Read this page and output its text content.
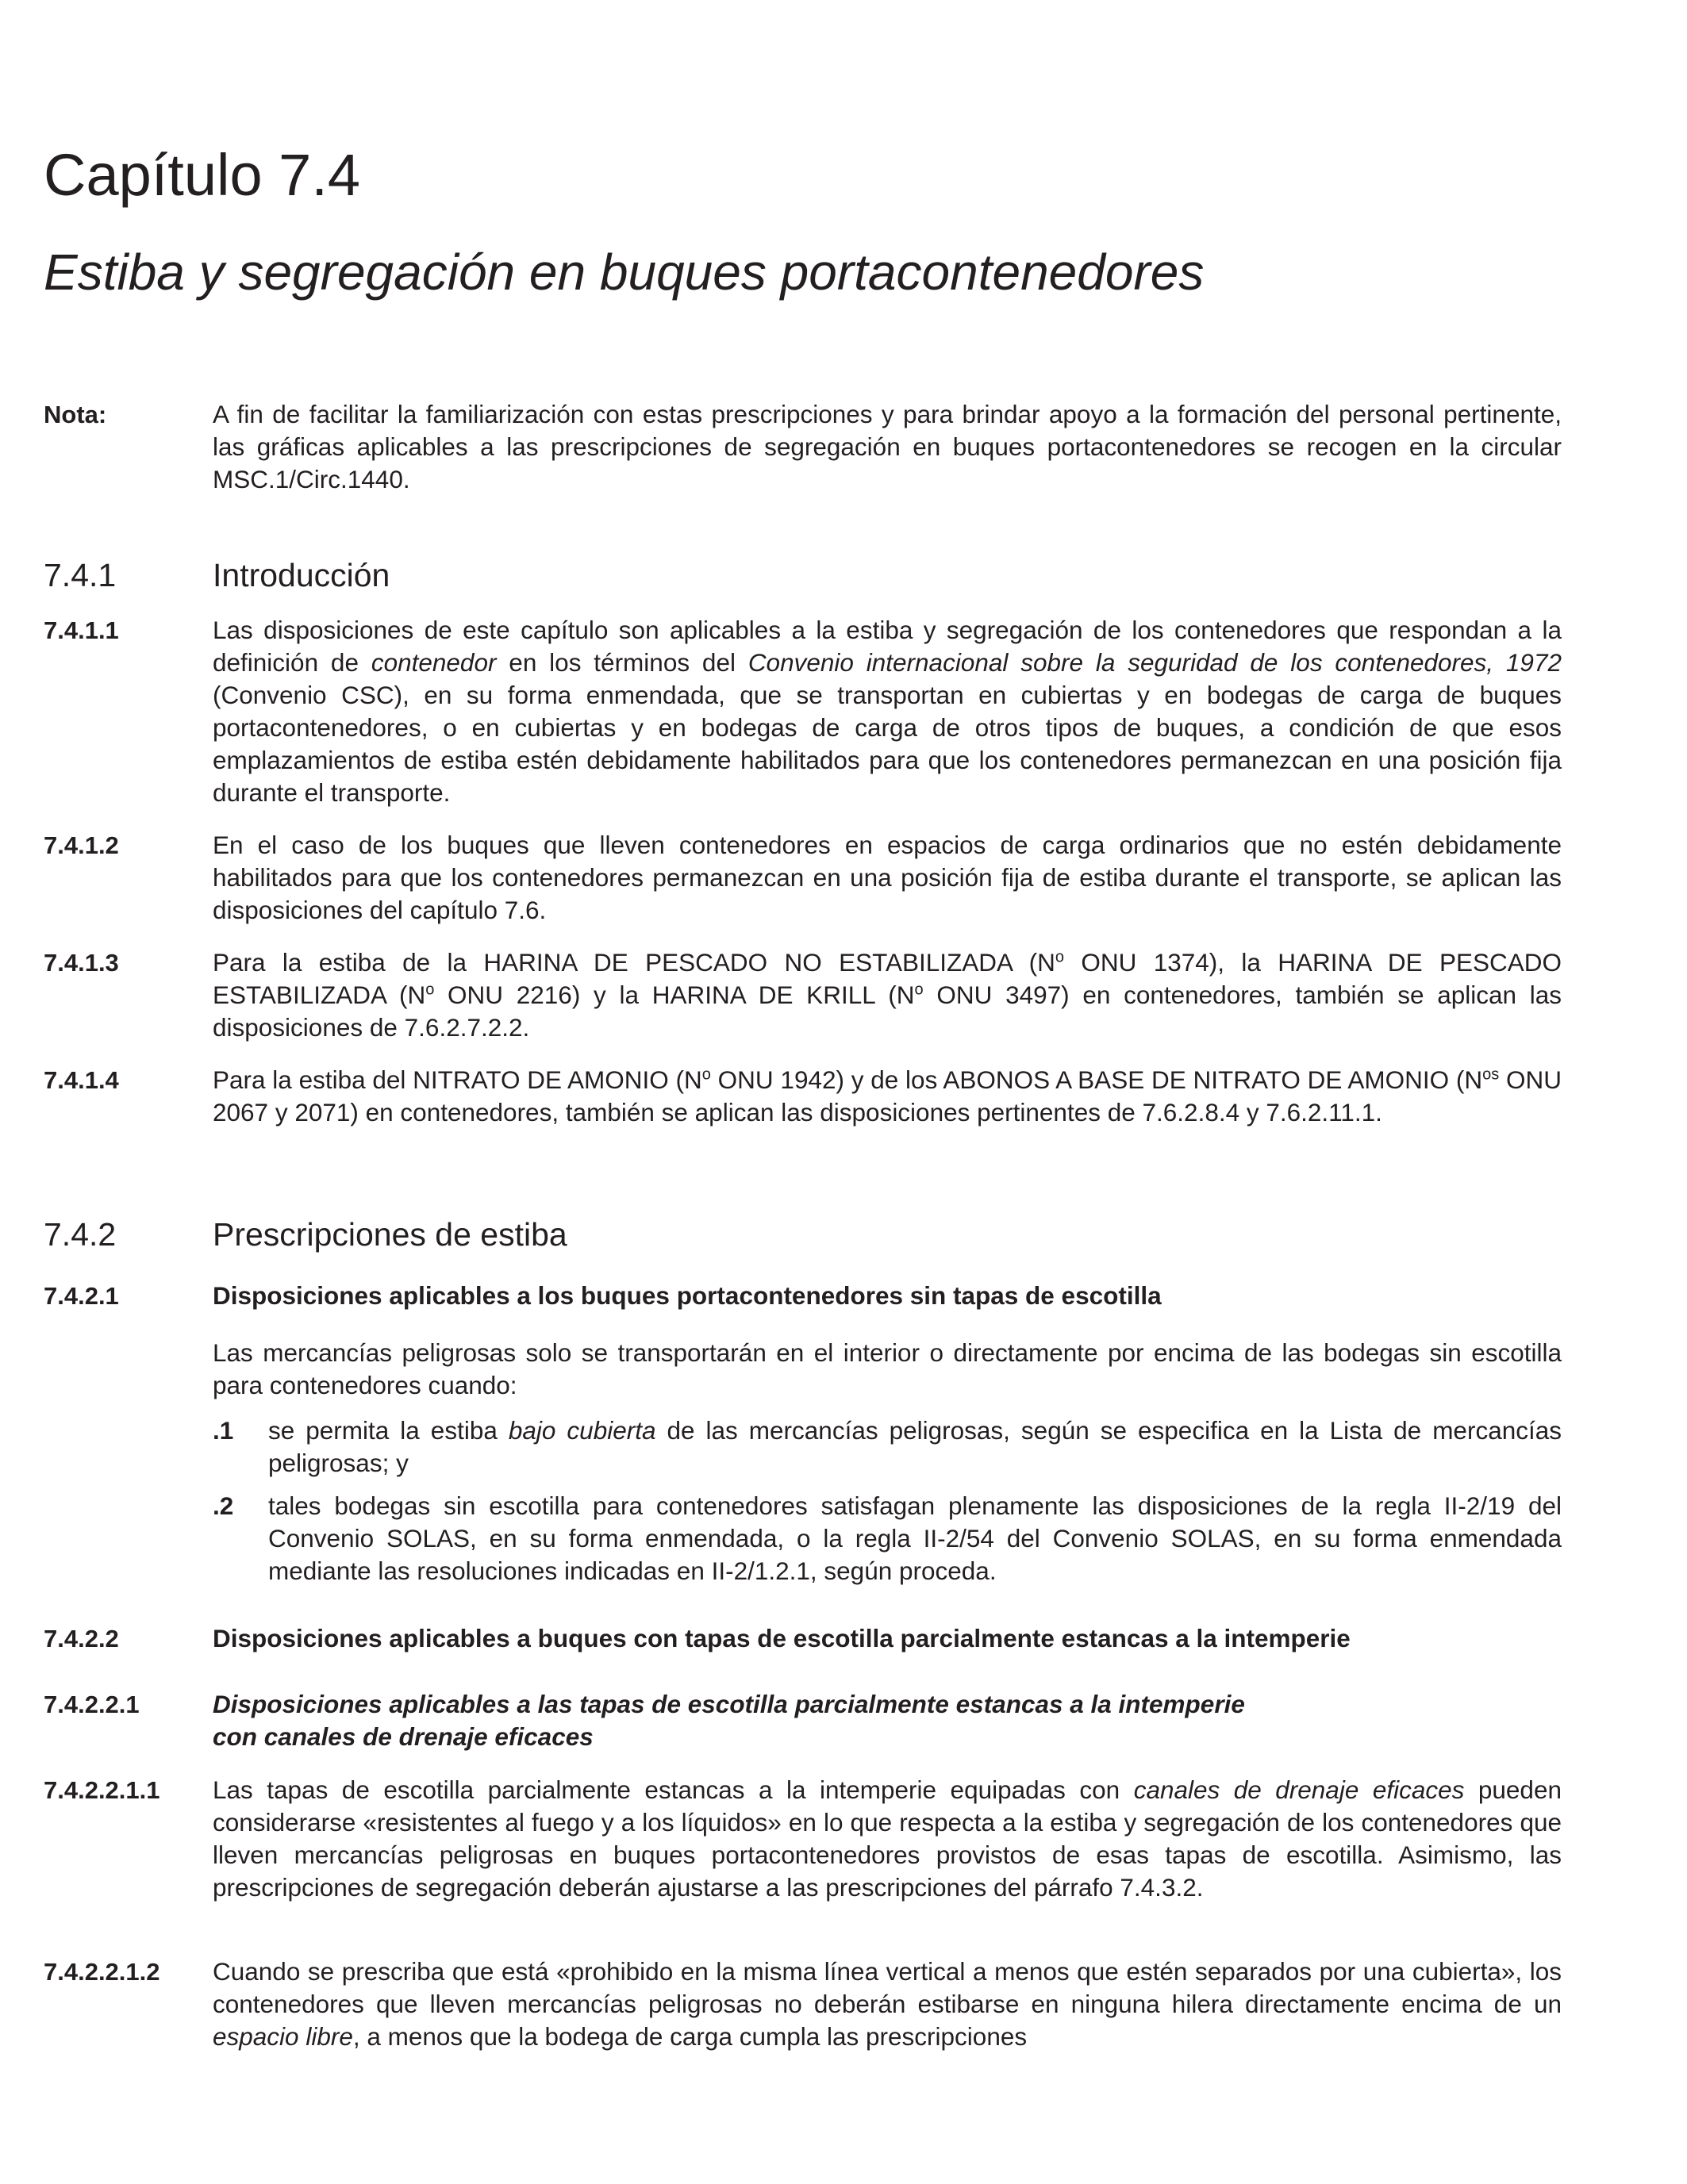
Capítulo 7.4
Estiba y segregación en buques portacontenedores
Nota:	A fin de facilitar la familiarización con estas prescripciones y para brindar apoyo a la formación del personal pertinente, las gráficas aplicables a las prescripciones de segregación en buques portacontenedores se recogen en la circular MSC.1/Circ.1440.

7.4.1	Introducción
7.4.1.1	Las disposiciones de este capítulo son aplicables a la estiba y segregación de los contenedores que respondan a la definición de contenedor en los términos del Convenio internacional sobre la seguridad de los contenedores, 1972 (Convenio CSC), en su forma enmendada, que se transportan en cubiertas y en bodegas de carga de buques portacontenedores, o en cubiertas y en bodegas de carga de otros tipos de buques, a condición de que esos emplazamientos de estiba estén debidamente habilitados para que los contenedores permanezcan en una posición fija durante el transporte.

7.4.1.2	En el caso de los buques que lleven contenedores en espacios de carga ordinarios que no estén debidamente habilitados para que los contenedores permanezcan en una posición fija de estiba durante el transporte, se aplican las disposiciones del capítulo 7.6.

7.4.1.3	Para la estiba de la HARINA DE PESCADO NO ESTABILIZADA ($N^o$ ONU 1374), la HARINA DE PESCADO ESTABILIZADA ($N^o$ ONU 2216) y la HARINA DE KRILL ($N^o$ ONU 3497) en contenedores, también se aplican las disposiciones de 7.6.2.7.2.2.

7.4.1.4	Para la estiba del NITRATO DE AMONIO ($N^o$ ONU 1942) y de los ABONOS A BASE DE NITRATO DE AMONIO ($N^{os}$ ONU 2067 y 2071) en contenedores, también se aplican las disposiciones pertinentes de 7.6.2.8.4 y 7.6.2.11.1.

7.4.2	Prescripciones de estiba
7.4.2.1	Disposiciones aplicables a los buques portacontenedores sin tapas de escotilla

Las mercancías peligrosas solo se transportarán en el interior o directamente por encima de las bodegas sin escotilla para contenedores cuando:

.1 se permita la estiba bajo cubierta de las mercancías peligrosas, según se especifica en la Lista de mercancías peligrosas; y
.2 tales bodegas sin escotilla para contenedores satisfagan plenamente las disposiciones de la regla II-2/19 del Convenio SOLAS, en su forma enmendada, o la regla II-2/54 del Convenio SOLAS, en su forma enmendada mediante las resoluciones indicadas en II-2/1.2.1, según proceda.
7.4.2.2	Disposiciones aplicables a buques con tapas de escotilla parcialmente estancas a la intemperie

7.4.2.2.1	Disposiciones aplicables a las tapas de escotilla parcialmente estancas a la intemperie
con canales de drenaje eficaces

7.4.2.2.1.1 Las tapas de escotilla parcialmente estancas a la intemperie equipadas con canales de drenaje eficaces pueden considerarse «resistentes al fuego y a los líquidos» en lo que respecta a la estiba y segregación de los contenedores que lleven mercancías peligrosas en buques portacontenedores provistos de esas tapas de escotilla. Asimismo, las prescripciones de segregación deberán ajustarse a las prescripciones del párrafo 7.4.3.2.

7.4.2.2.1.2 Cuando se prescriba que está «prohibido en la misma línea vertical a menos que estén separados por una cubierta», los contenedores que lleven mercancías peligrosas no deberán estibarse en ninguna hilera directamente encima de un espacio libre, a menos que la bodega de carga cumpla las prescripciones
